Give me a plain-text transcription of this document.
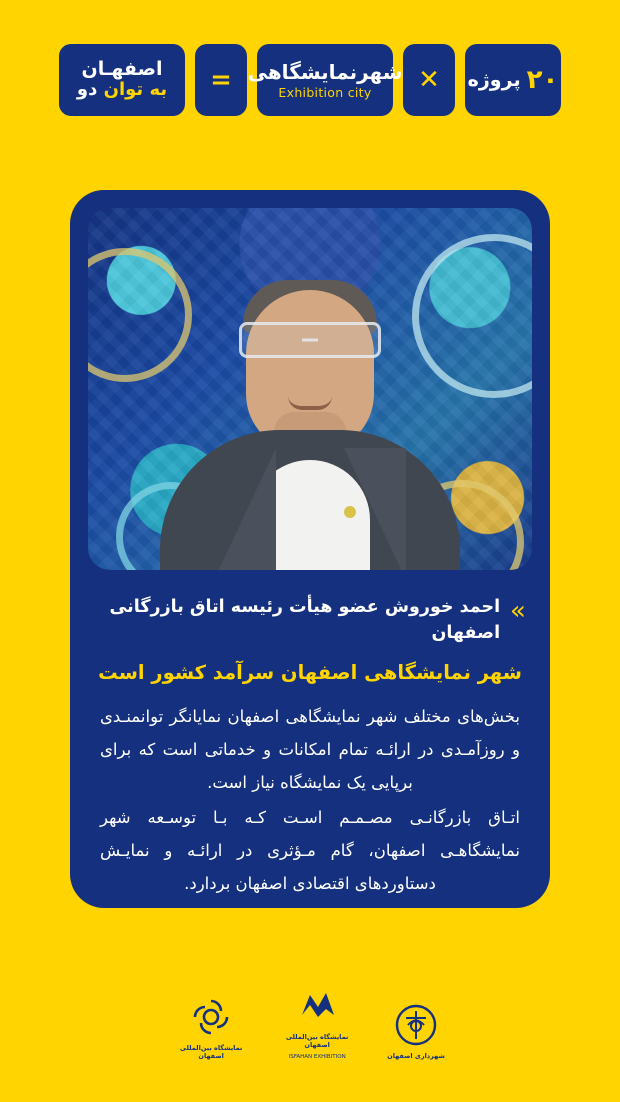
پروژه ۲۰
✕
شهرنمایشگاهی
Exhibition city
=
اصفهـان
به توان دو
«
احمد خوروش عضو هیأت رئیسه اتاق بازرگانی اصفهان
شهر نمایشگاهی اصفهان سرآمد کشور است

بخش‌های مختلف شهر نمایشگاهی اصفهان نمایانگر توانمنـدی و روزآمـدی در ارائـه تمام امکانات و خدماتی است که برای برپایی یک نمایشگاه نیاز است.

اتـاق بازرگانـی مصـمـم اسـت کـه بـا توسـعه شهر نمایشگاهـی اصفهان، گام مـؤثری در ارائـه و نمایـش دستاوردهای اقتصادی اصفهان بردارد.

شهرداری اصفهان
نمایشگاه بین‌المللی اصفهان
ISFAHAN EXHIBITION
نمایشگاه بین‌المللی اصفهان
